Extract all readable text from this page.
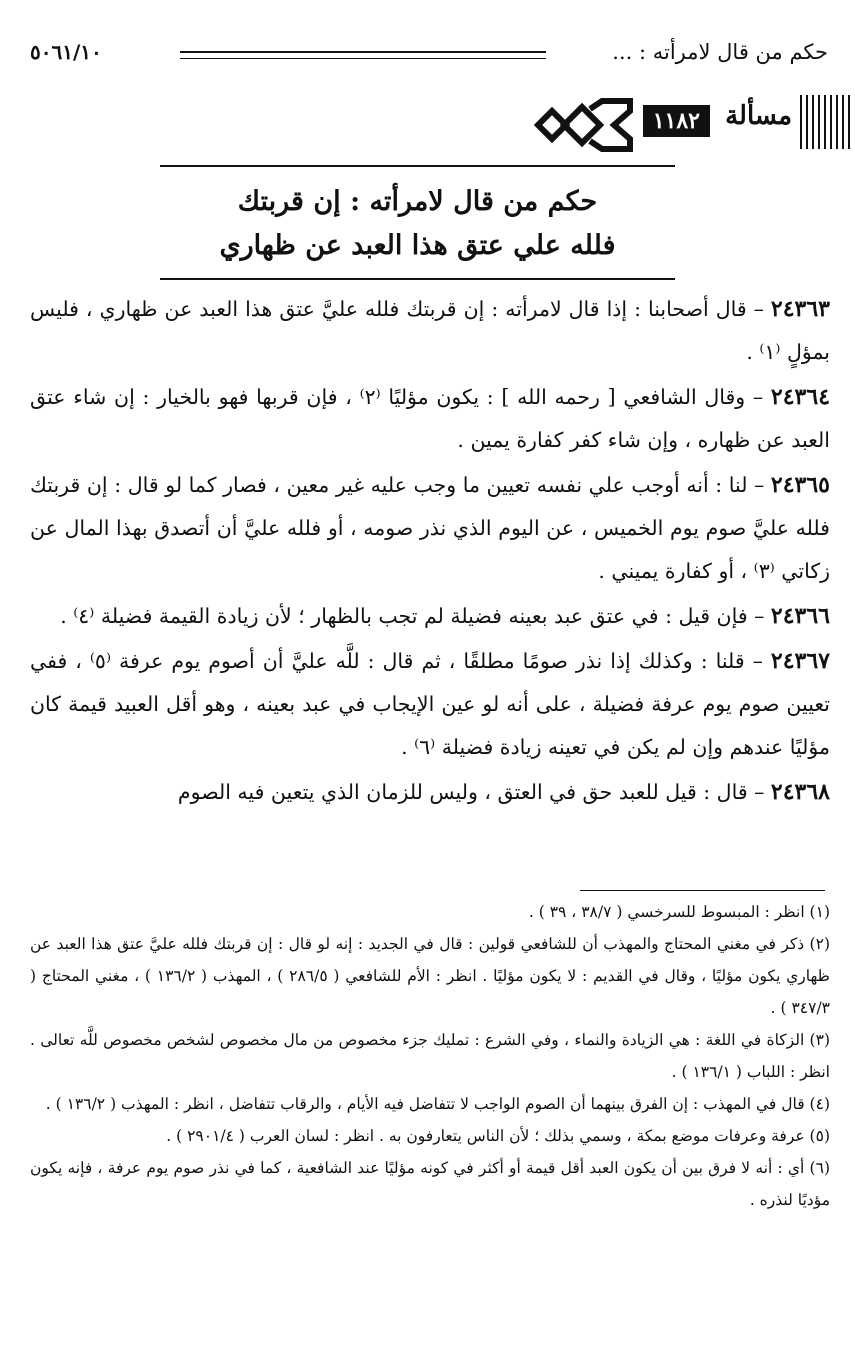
حكم من قال لامرأته : ...
٥٠٦١/١٠
مسألة
١١٨٢
حكم من قال لامرأته : إن قربتك
فلله علي عتق هذا العبد عن ظهاري

٢٤٣٦٣ – قال أصحابنا : إذا قال لامرأته : إن قربتك فلله عليَّ عتق هذا العبد عن ظهاري ، فليس بمؤلٍ ⁽١⁾ .

٢٤٣٦٤ – وقال الشافعي [ رحمه الله ] : يكون مؤليًا ⁽٢⁾ ، فإن قربها فهو بالخيار : إن شاء عتق العبد عن ظهاره ، وإن شاء كفر كفارة يمين .

٢٤٣٦٥ – لنا : أنه أوجب علي نفسه تعيين ما وجب عليه غير معين ، فصار كما لو قال : إن قربتك فلله عليَّ صوم يوم الخميس ، عن اليوم الذي نذر صومه ، أو فلله عليَّ أن أتصدق بهذا المال عن زكاتي ⁽٣⁾ ، أو كفارة يميني .

٢٤٣٦٦ – فإن قيل : في عتق عبد بعينه فضيلة لم تجب بالظهار ؛ لأن زيادة القيمة فضيلة ⁽٤⁾ .

٢٤٣٦٧ – قلنا : وكذلك إذا نذر صومًا مطلقًا ، ثم قال : للَّه عليَّ أن أصوم يوم عرفة ⁽٥⁾ ، ففي تعيين صوم يوم عرفة فضيلة ، على أنه لو عين الإيجاب في عبد بعينه ، وهو أقل العبيد قيمة كان مؤليًا عندهم وإن لم يكن في تعينه زيادة فضيلة ⁽٦⁾ .

٢٤٣٦٨ – قال : قيل للعبد حق في العتق ، وليس للزمان الذي يتعين فيه الصوم

(١) انظر : المبسوط للسرخسي ( ٣٨/٧ ، ٣٩ ) .

(٢) ذكر في مغني المحتاج والمهذب أن للشافعي قولين : قال في الجديد : إنه لو قال : إن قربتك فلله عليَّ عتق هذا العبد عن ظهاري يكون مؤليًا ، وقال في القديم : لا يكون مؤليًا . انظر : الأم للشافعي ( ٢٨٦/٥ ) ، المهذب ( ١٣٦/٢ ) ، مغني المحتاج ( ٣٤٧/٣ ) .

(٣) الزكاة في اللغة : هي الزيادة والنماء ، وفي الشرع : تمليك جزء مخصوص من مال مخصوص لشخص مخصوص للَّه تعالى . انظر : اللباب ( ١٣٦/١ ) .

(٤) قال في المهذب : إن الفرق بينهما أن الصوم الواجب لا تتفاضل فيه الأيام ، والرقاب تتفاضل ، انظر : المهذب ( ١٣٦/٢ ) .

(٥) عرفة وعرفات موضع بمكة ، وسمي بذلك ؛ لأن الناس يتعارفون به . انظر : لسان العرب ( ٢٩٠١/٤ ) .

(٦) أي : أنه لا فرق بين أن يكون العبد أقل قيمة أو أكثر في كونه مؤليًا عند الشافعية ، كما في نذر صوم يوم عرفة ، فإنه يكون مؤديًا لنذره .
